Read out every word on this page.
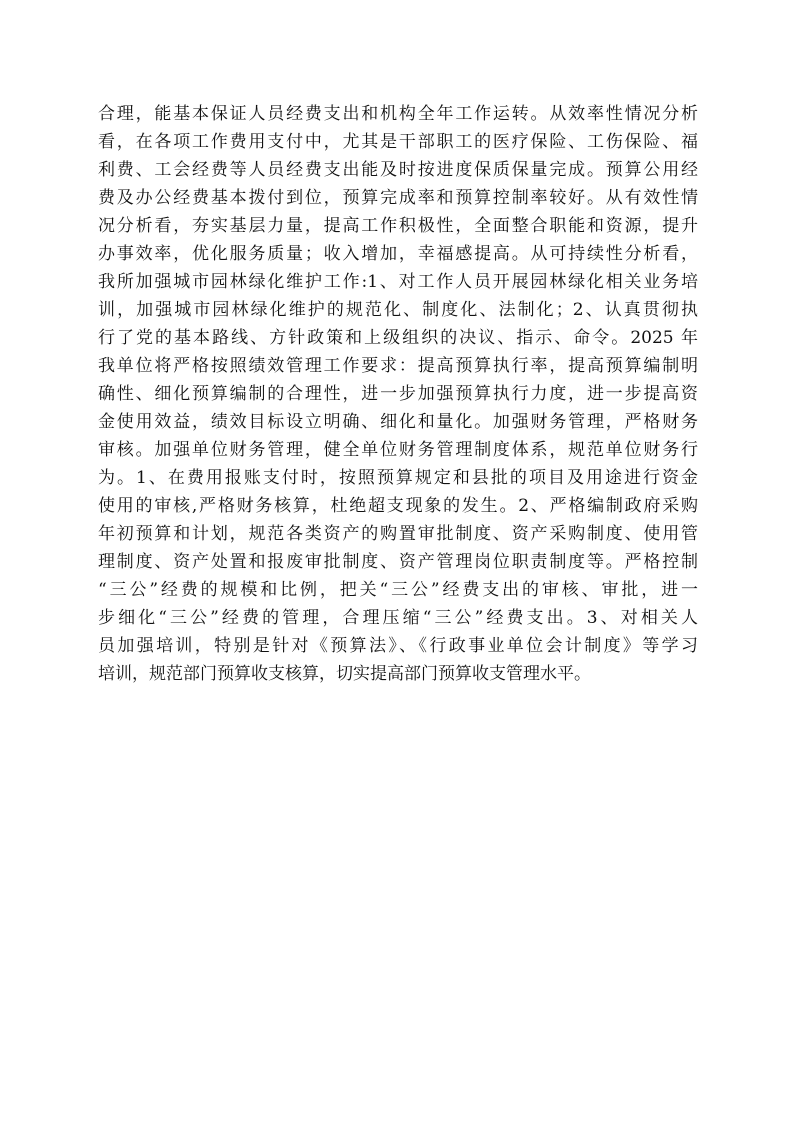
合理，能基本保证人员经费支出和机构全年工作运转。从效率性情况分析
看，在各项工作费用支付中，尤其是干部职工的医疗保险、工伤保险、福
利费、工会经费等人员经费支出能及时按进度保质保量完成。预算公用经
费及办公经费基本拨付到位，预算完成率和预算控制率较好。从有效性情
况分析看，夯实基层力量，提高工作积极性，全面整合职能和资源，提升
办事效率，优化服务质量；收入增加，幸福感提高。从可持续性分析看，
我所加强城市园林绿化维护工作:1、对工作人员开展园林绿化相关业务培
训，加强城市园林绿化维护的规范化、制度化、法制化；2、认真贯彻执
行了党的基本路线、方针政策和上级组织的决议、指示、命令。2025 年
我单位将严格按照绩效管理工作要求：提高预算执行率，提高预算编制明
确性、细化预算编制的合理性，进一步加强预算执行力度，进一步提高资
金使用效益，绩效目标设立明确、细化和量化。加强财务管理，严格财务
审核。加强单位财务管理，健全单位财务管理制度体系，规范单位财务行
为。1、在费用报账支付时，按照预算规定和县批的项目及用途进行资金
使用的审核,严格财务核算，杜绝超支现象的发生。2、严格编制政府采购
年初预算和计划，规范各类资产的购置审批制度、资产采购制度、使用管
理制度、资产处置和报废审批制度、资产管理岗位职责制度等。严格控制
“三公”经费的规模和比例，把关“三公”经费支出的审核、审批，进一
步细化“三公”经费的管理，合理压缩“三公”经费支出。3、对相关人
员加强培训，特别是针对《预算法》、《行政事业单位会计制度》等学习
培训，规范部门预算收支核算，切实提高部门预算收支管理水平。
